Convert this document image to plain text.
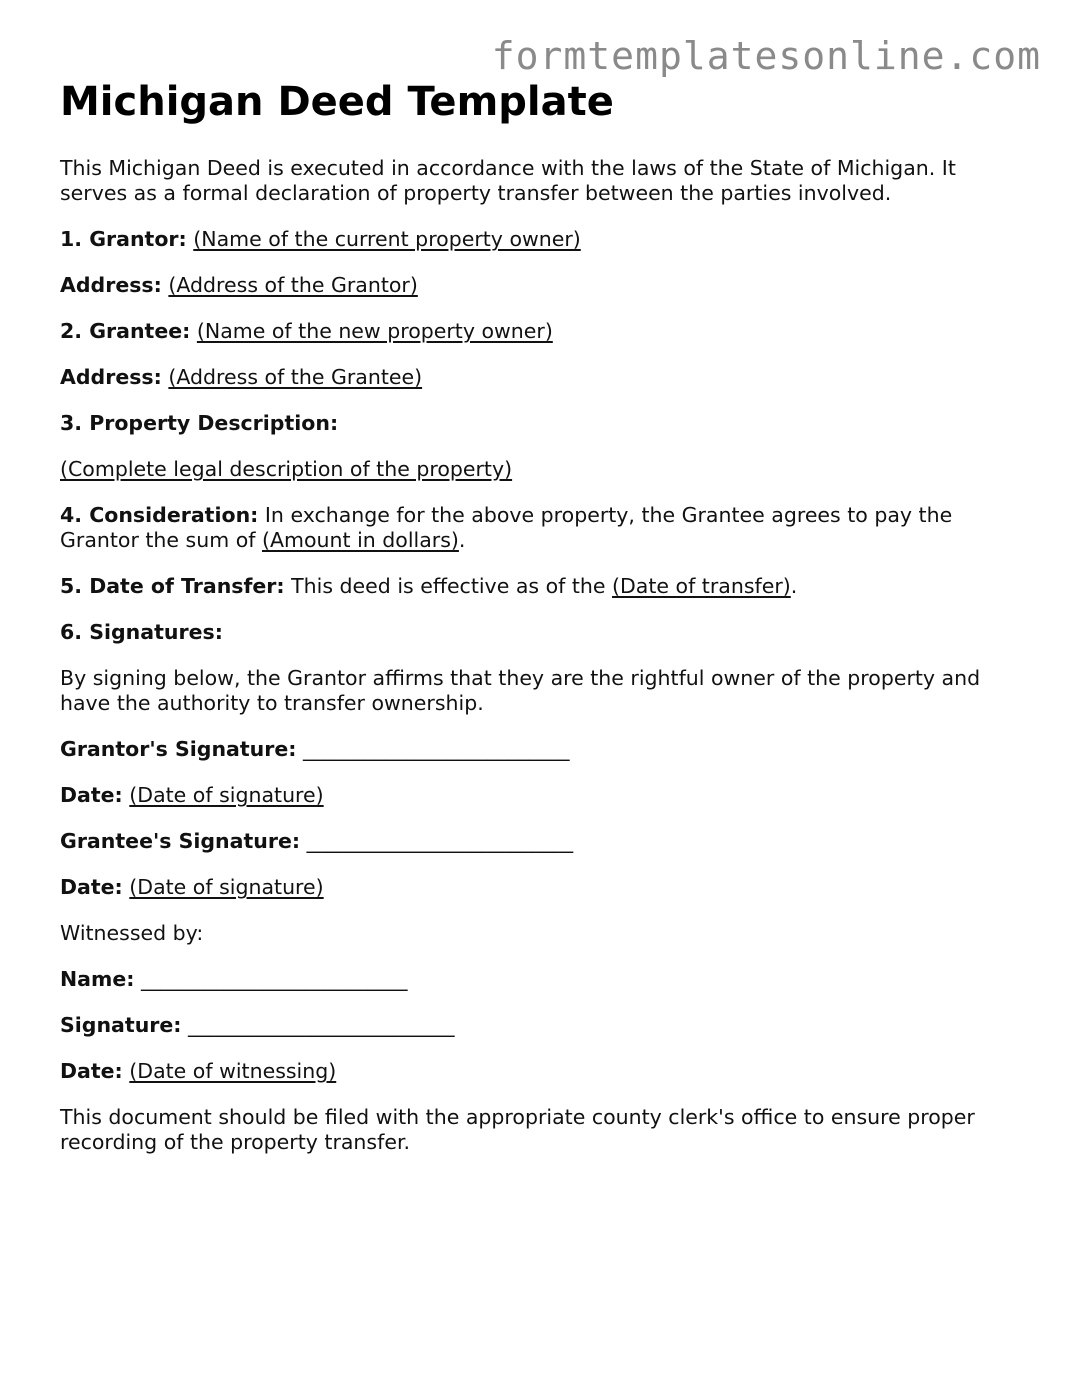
formtemplatesonline.com
Michigan Deed Template

This Michigan Deed is executed in accordance with the laws of the State of Michigan. It serves as a formal declaration of property transfer between the parties involved.

1. Grantor: (Name of the current property owner)

Address: (Address of the Grantor)

2. Grantee: (Name of the new property owner)

Address: (Address of the Grantee)

3. Property Description:

(Complete legal description of the property)

4. Consideration: In exchange for the above property, the Grantee agrees to pay the Grantor the sum of (Amount in dollars).

5. Date of Transfer: This deed is effective as of the (Date of transfer).

6. Signatures:

By signing below, the Grantor affirms that they are the rightful owner of the property and have the authority to transfer ownership.

Grantor's Signature: __________________________

Date: (Date of signature)

Grantee's Signature: __________________________

Date: (Date of signature)

Witnessed by:

Name: __________________________

Signature: __________________________

Date: (Date of witnessing)

This document should be filed with the appropriate county clerk's office to ensure proper recording of the property transfer.
